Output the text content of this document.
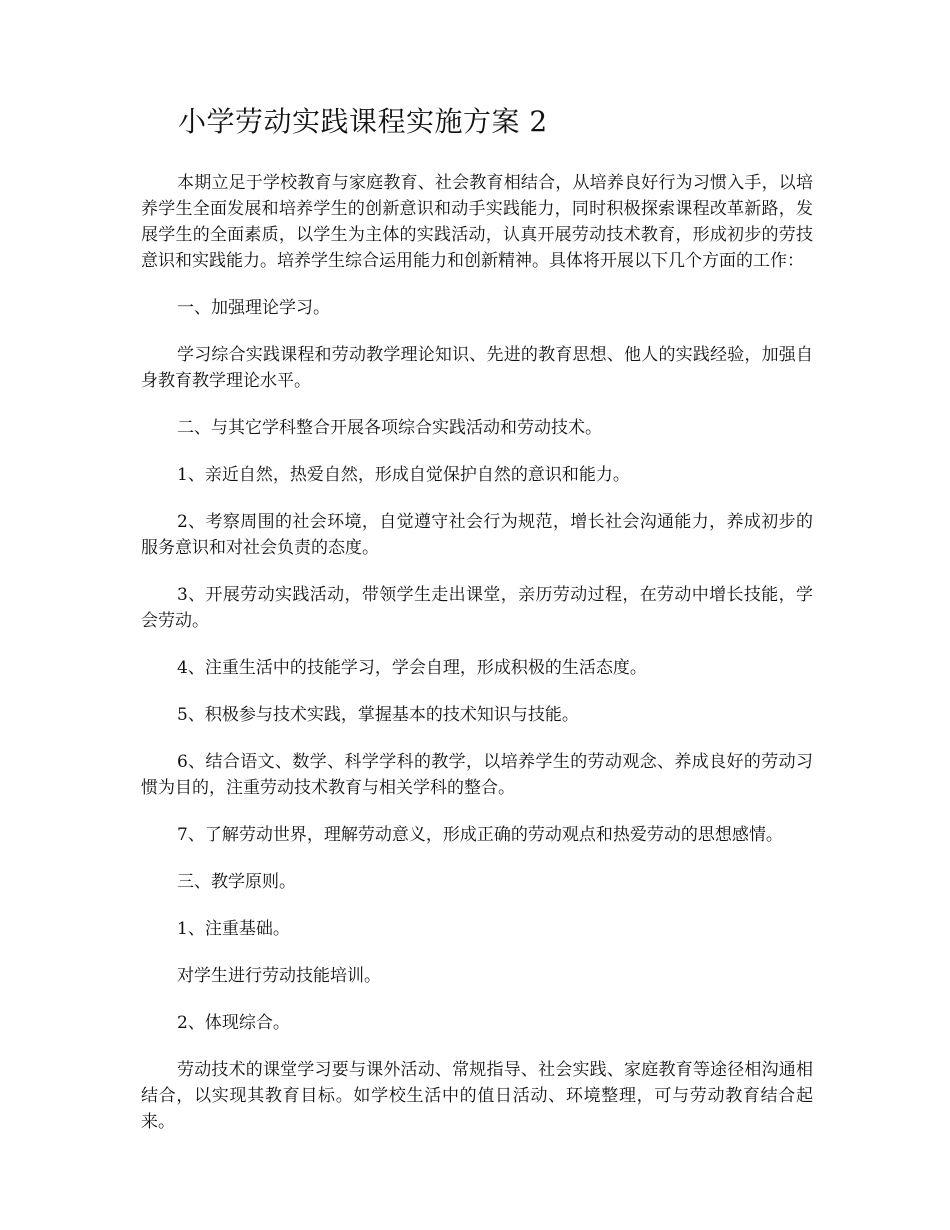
小学劳动实践课程实施方案 2

本期立足于学校教育与家庭教育、社会教育相结合，从培养良好行为习惯入手，以培养学生全面发展和培养学生的创新意识和动手实践能力，同时积极探索课程改革新路，发展学生的全面素质，以学生为主体的实践活动，认真开展劳动技术教育，形成初步的劳技意识和实践能力。培养学生综合运用能力和创新精神。具体将开展以下几个方面的工作：

一、加强理论学习。

学习综合实践课程和劳动教学理论知识、先进的教育思想、他人的实践经验，加强自身教育教学理论水平。

二、与其它学科整合开展各项综合实践活动和劳动技术。

1、亲近自然，热爱自然，形成自觉保护自然的意识和能力。

2、考察周围的社会环境，自觉遵守社会行为规范，增长社会沟通能力，养成初步的服务意识和对社会负责的态度。

3、开展劳动实践活动，带领学生走出课堂，亲历劳动过程，在劳动中增长技能，学会劳动。

4、注重生活中的技能学习，学会自理，形成积极的生活态度。

5、积极参与技术实践，掌握基本的技术知识与技能。

6、结合语文、数学、科学学科的教学，以培养学生的劳动观念、养成良好的劳动习惯为目的，注重劳动技术教育与相关学科的整合。

7、了解劳动世界，理解劳动意义，形成正确的劳动观点和热爱劳动的思想感情。

三、教学原则。

1、注重基础。

对学生进行劳动技能培训。

2、体现综合。

劳动技术的课堂学习要与课外活动、常规指导、社会实践、家庭教育等途径相沟通相结合，以实现其教育目标。如学校生活中的值日活动、环境整理，可与劳动教育结合起来。
